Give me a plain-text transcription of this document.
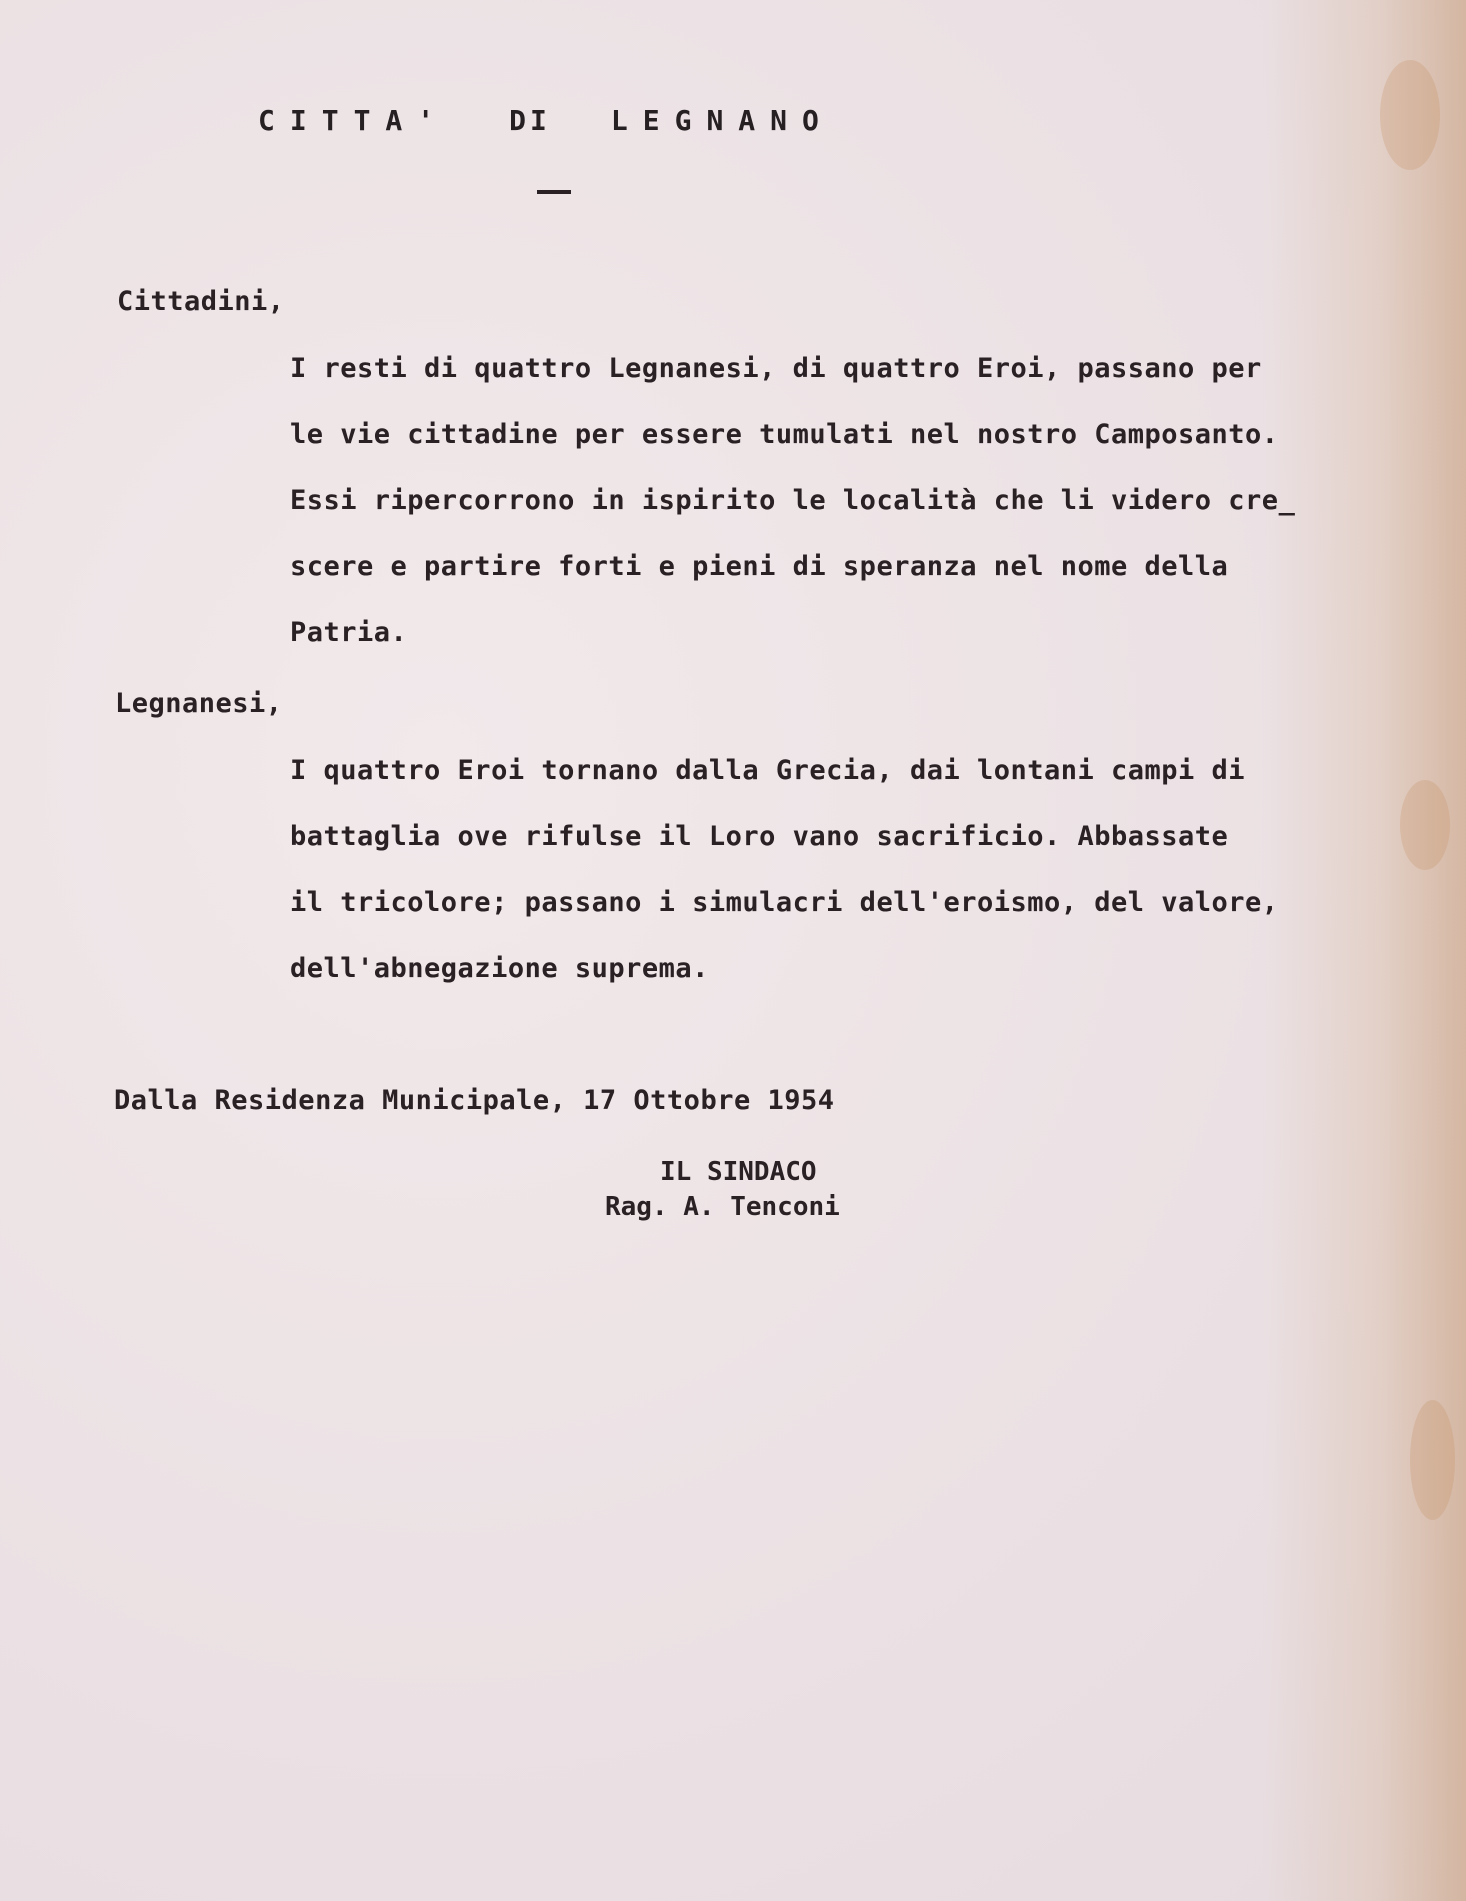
CITTA' DI LEGNANO
Cittadini,
I resti di quattro Legnanesi, di quattro Eroi, passano per
le vie cittadine per essere tumulati nel nostro Camposanto.
Essi ripercorrono in ispirito le località che li videro cre_
scere e partire forti e pieni di speranza nel nome della
Patria.
Legnanesi,
I quattro Eroi tornano dalla Grecia, dai lontani campi di
battaglia ove rifulse il Loro vano sacrificio. Abbassate
il tricolore; passano i simulacri dell'eroismo, del valore,
dell'abnegazione suprema.
Dalla Residenza Municipale, 17 Ottobre 1954
IL SINDACO
Rag. A. Tenconi
